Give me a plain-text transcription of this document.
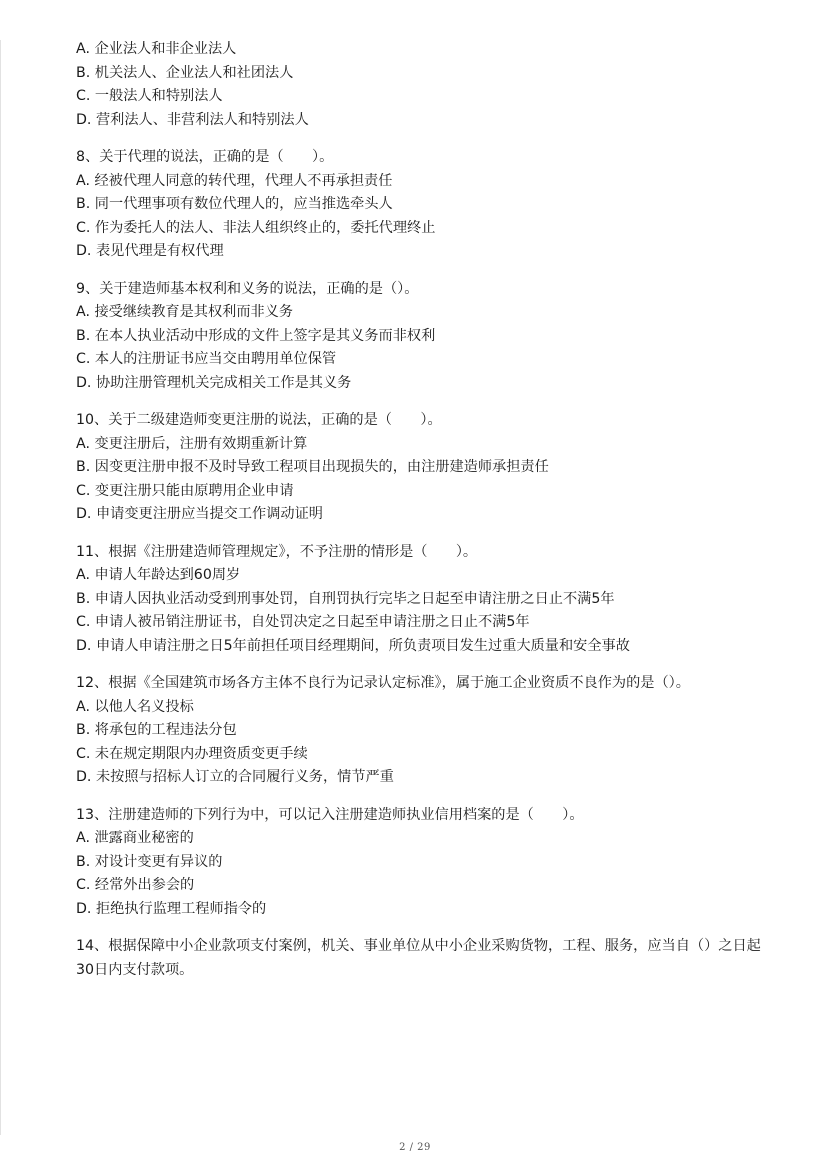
A. 企业法人和非企业法人

B. 机关法人、企业法人和社团法人

C. 一般法人和特别法人

D. 营利法人、非营利法人和特别法人

8、关于代理的说法，正确的是（　　）。

A. 经被代理人同意的转代理，代理人不再承担责任

B. 同一代理事项有数位代理人的，应当推选牵头人

C. 作为委托人的法人、非法人组织终止的，委托代理终止

D. 表见代理是有权代理

9、关于建造师基本权利和义务的说法，正确的是（）。

A. 接受继续教育是其权利而非义务

B. 在本人执业活动中形成的文件上签字是其义务而非权利

C. 本人的注册证书应当交由聘用单位保管

D. 协助注册管理机关完成相关工作是其义务

10、关于二级建造师变更注册的说法，正确的是（　　）。

A. 变更注册后，注册有效期重新计算

B. 因变更注册申报不及时导致工程项目出现损失的，由注册建造师承担责任

C. 变更注册只能由原聘用企业申请

D. 申请变更注册应当提交工作调动证明

11、根据《注册建造师管理规定》，不予注册的情形是（　　）。

A. 申请人年龄达到60周岁

B. 申请人因执业活动受到刑事处罚，自刑罚执行完毕之日起至申请注册之日止不满5年

C. 申请人被吊销注册证书，自处罚决定之日起至申请注册之日止不满5年

D. 申请人申请注册之日5年前担任项目经理期间，所负责项目发生过重大质量和安全事故

12、根据《全国建筑市场各方主体不良行为记录认定标准》，属于施工企业资质不良作为的是（）。

A. 以他人名义投标

B. 将承包的工程违法分包

C. 未在规定期限内办理资质变更手续

D. 未按照与招标人订立的合同履行义务，情节严重

13、注册建造师的下列行为中，可以记入注册建造师执业信用档案的是（　　）。

A. 泄露商业秘密的

B. 对设计变更有异议的

C. 经常外出参会的

D. 拒绝执行监理工程师指令的

14、根据保障中小企业款项支付案例，机关、事业单位从中小企业采购货物，工程、服务，应当自（）之日起30日内支付款项。

2 / 29
